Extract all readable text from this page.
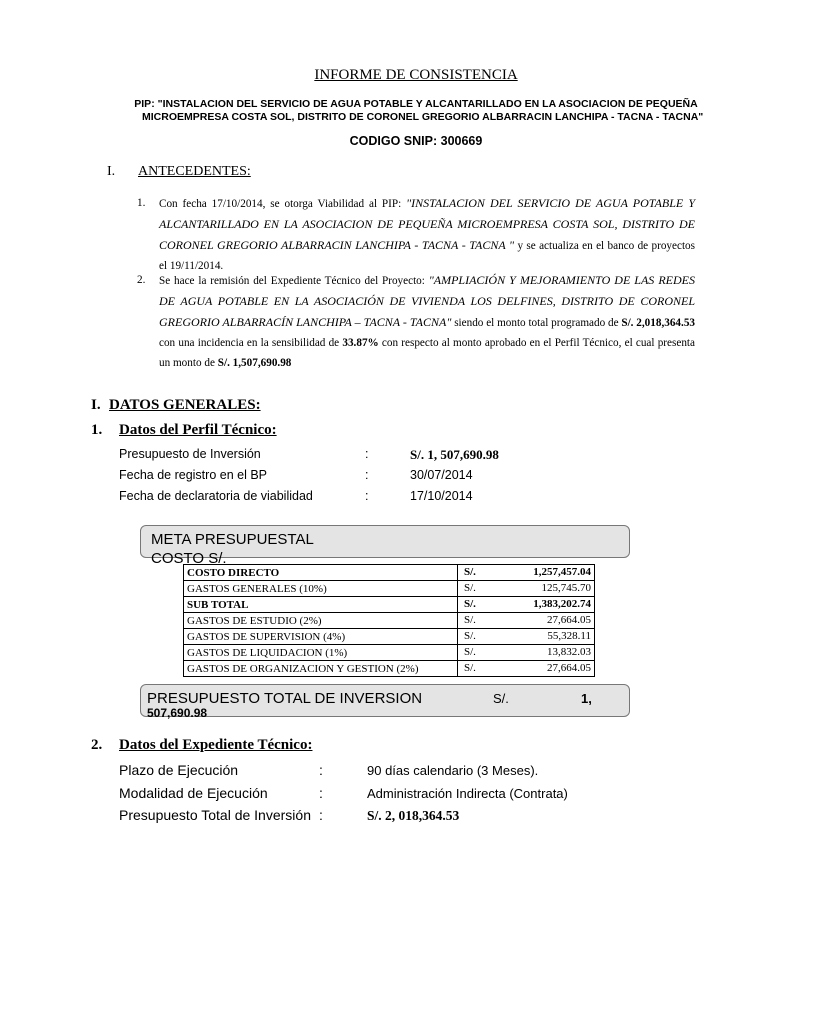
INFORME DE CONSISTENCIA
PIP: "INSTALACION DEL SERVICIO DE AGUA POTABLE Y ALCANTARILLADO EN LA ASOCIACION DE PEQUEÑA
MICROEMPRESA COSTA SOL, DISTRITO DE CORONEL GREGORIO ALBARRACIN LANCHIPA - TACNA - TACNA"
CODIGO SNIP: 300669
I. ANTECEDENTES:
1. Con fecha 17/10/2014, se otorga Viabilidad al PIP: "INSTALACION DEL SERVICIO DE AGUA POTABLE Y ALCANTARILLADO EN LA ASOCIACION DE PEQUEÑA MICROEMPRESA COSTA SOL, DISTRITO DE CORONEL GREGORIO ALBARRACIN LANCHIPA - TACNA - TACNA " y se actualiza en el banco de proyectos el 19/11/2014.
2. Se hace la remisión del Expediente Técnico del Proyecto: "AMPLIACIÓN Y MEJORAMIENTO DE LAS REDES DE AGUA POTABLE EN LA ASOCIACIÓN DE VIVIENDA LOS DELFINES, DISTRITO DE CORONEL GREGORIO ALBARRACÍN LANCHIPA – TACNA - TACNA" siendo el monto total programado de S/. 2,018,364.53 con una incidencia en la sensibilidad de 33.87% con respecto al monto aprobado en el Perfil Técnico, el cual presenta un monto de S/. 1,507,690.98
I. DATOS GENERALES:
1. Datos del Perfil Técnico:
Presupuesto de Inversión	:	S/. 1, 507,690.98
Fecha de registro en el BP	:	30/07/2014
Fecha de declaratoria de viabilidad	:	17/10/2014
META PRESUPUESTAL
COSTO S/.
COSTO DIRECTO	S/. 1,257,457.04

GASTOS GENERALES (10%)	S/. 125,745.70

SUB TOTAL	S/. 1,383,202.74

GASTOS DE ESTUDIO (2%)	S/. 27,664.05

GASTOS DE SUPERVISION (4%)	S/. 55,328.11

GASTOS DE LIQUIDACION (1%)	S/. 13,832.03

GASTOS DE ORGANIZACION Y GESTION (2%)	S/. 27,664.05
PRESUPUESTO TOTAL DE INVERSION	S/.	1,
507,690.98
2. Datos del Expediente Técnico:
Plazo de Ejecución	:	90 días calendario (3 Meses).
Modalidad de Ejecución	:	Administración Indirecta (Contrata)
Presupuesto Total de Inversión :	S/. 2, 018,364.53
